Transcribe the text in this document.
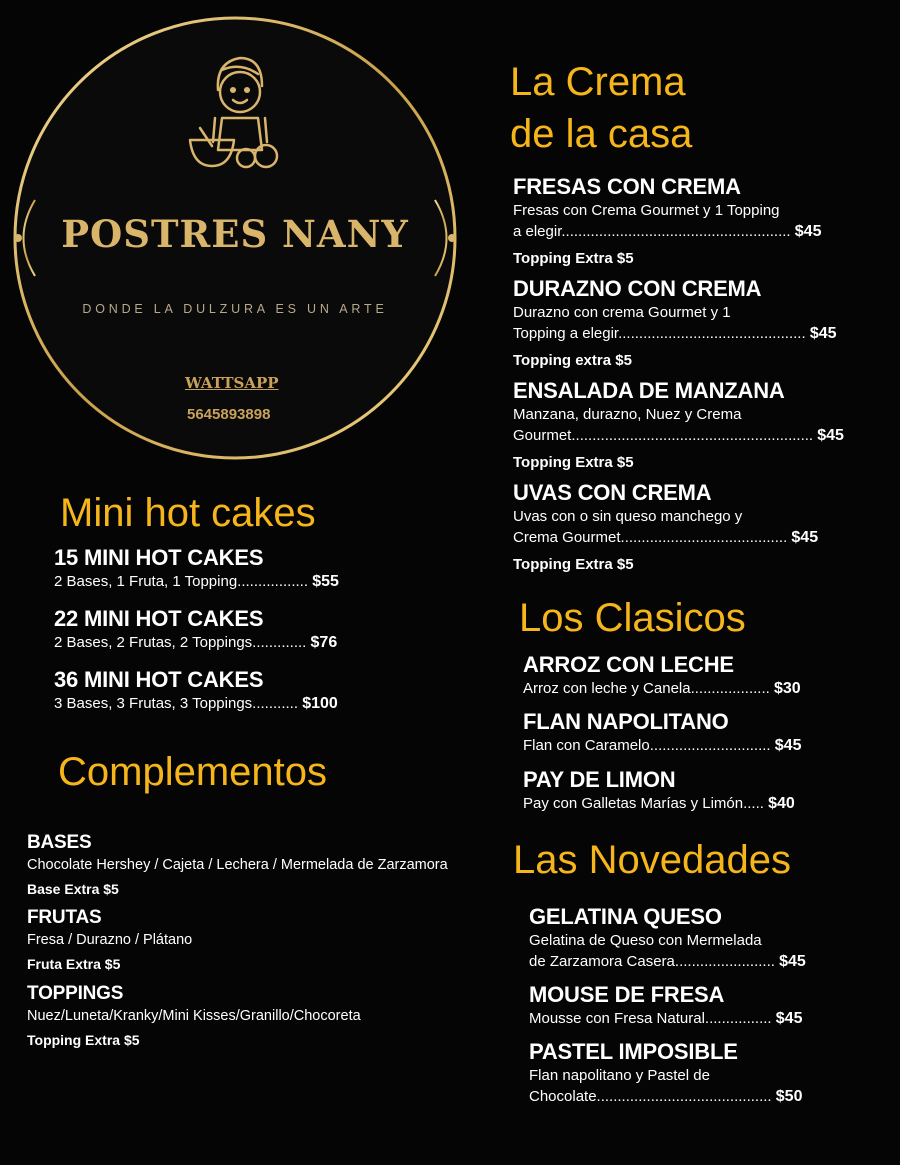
POSTRES NANY
DONDE LA DULZURA ES UN ARTE
WATTSAPP
5645893898
La Crema
de la casa
FRESAS CON CREMA
Fresas con Crema Gourmet y 1 Topping
a elegir....................................................... $45
Topping Extra $5
DURAZNO CON CREMA
Durazno con crema Gourmet y 1
Topping a elegir............................................. $45
Topping extra $5
ENSALADA DE MANZANA
Manzana, durazno, Nuez y Crema
Gourmet.......................................................... $45
Topping Extra $5
UVAS CON CREMA
Uvas con o sin queso manchego y
Crema Gourmet........................................ $45
Topping Extra $5
Mini hot cakes
15 MINI HOT CAKES
2 Bases, 1 Fruta, 1 Topping................. $55
22 MINI HOT CAKES
2 Bases, 2 Frutas, 2 Toppings............. $76
36 MINI HOT CAKES
3 Bases, 3 Frutas, 3 Toppings........... $100
Complementos
BASES
Chocolate Hershey / Cajeta / Lechera / Mermelada de Zarzamora
Base Extra $5
FRUTAS
Fresa / Durazno / Plátano
Fruta Extra $5
TOPPINGS
Nuez/Luneta/Kranky/Mini Kisses/Granillo/Chocoreta
Topping Extra $5
Los Clasicos
ARROZ CON LECHE
Arroz con leche y Canela................... $30
FLAN NAPOLITANO
Flan con Caramelo............................. $45
PAY DE LIMON
Pay con Galletas Marías y Limón..... $40
Las Novedades
GELATINA QUESO
Gelatina de Queso con Mermelada
de Zarzamora Casera........................ $45
MOUSE DE FRESA
Mousse con Fresa Natural................ $45
PASTEL IMPOSIBLE
Flan napolitano y Pastel de
Chocolate.......................................... $50
